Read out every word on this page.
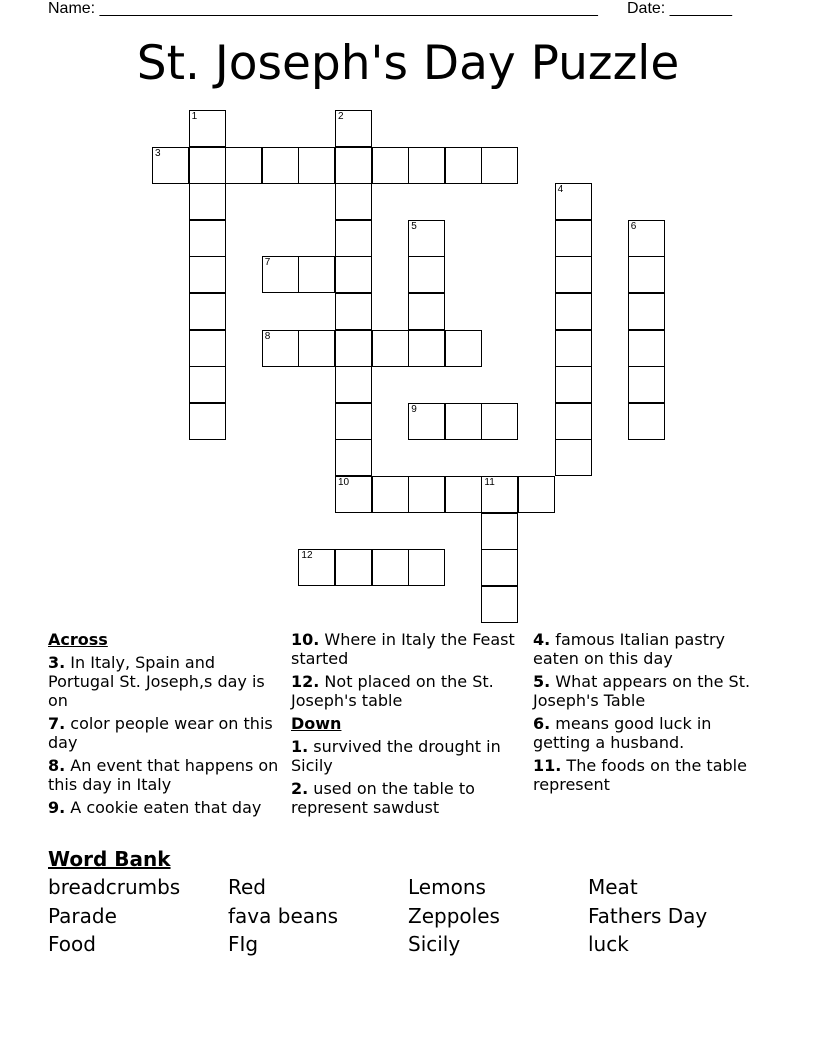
Name: ________________________________________________________ Date: _______
St. Joseph's Day Puzzle
3
7
8
9
10	11
12
1	2
4
5	6
Across
3. In Italy, Spain and Portugal St. Joseph,s day is on
7. color people wear on this day
8. An event that happens on this day in Italy
9. A cookie eaten that day
10. Where in Italy the Feast started
12. Not placed on the St. Joseph's table
Down
1. survived the drought in Sicily
2. used on the table to represent sawdust
4. famous Italian pastry eaten on this day
5. What appears on the St. Joseph's Table
6. means good luck in getting a husband.
11. The foods on the table represent
Word Bank
breadcrumbs Red	Lemons	Meat
Parade	fava beans	Zeppoles	Fathers Day
Food	FIg	Sicily	luck
